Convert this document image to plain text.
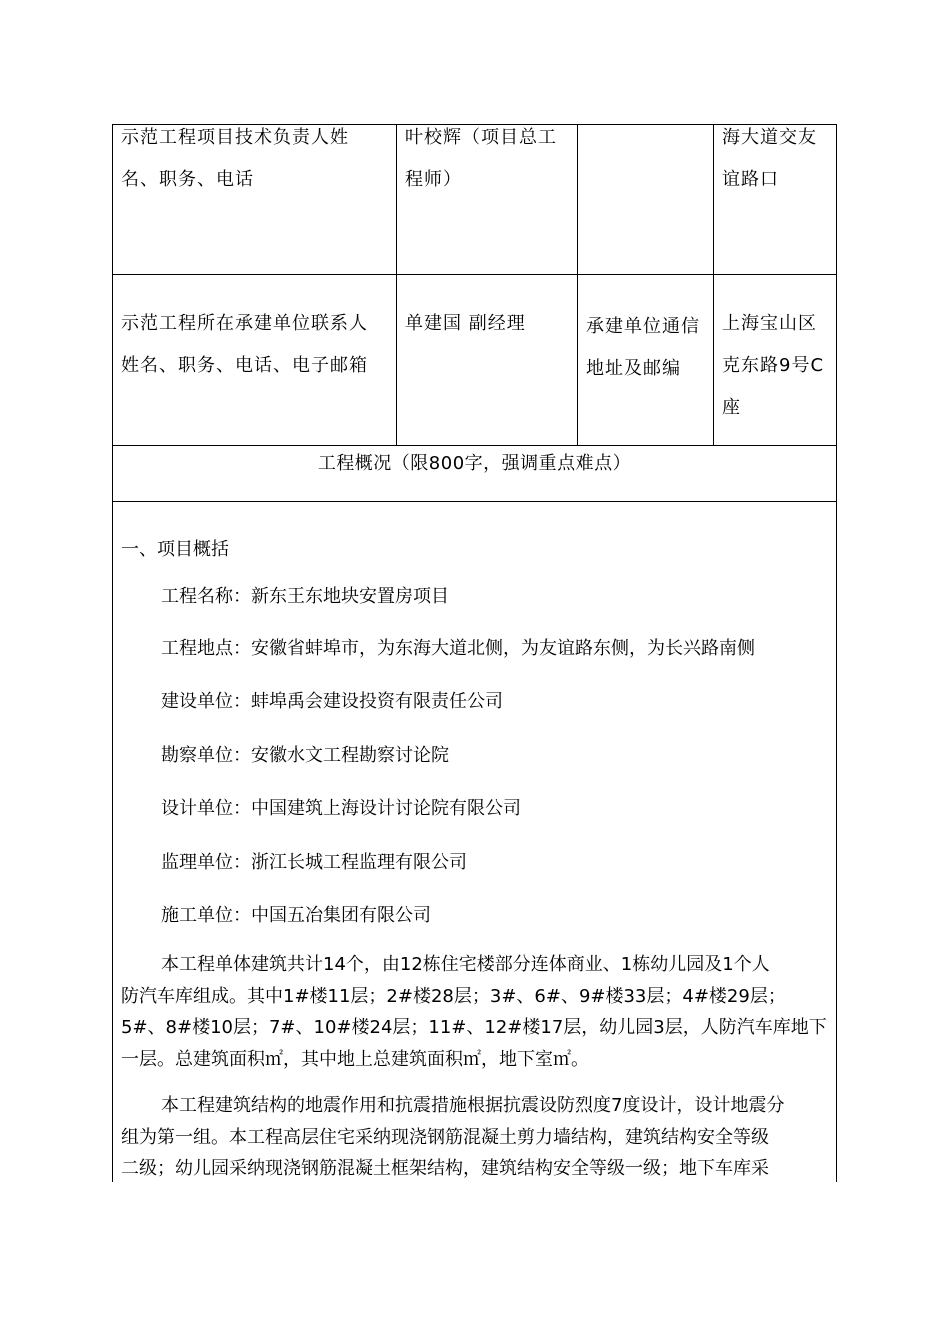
示范工程项目技术负责人姓
名、职务、电话
叶校辉（项目总工
程师）
海大道交友
谊路口
示范工程所在承建单位联系人
姓名、职务、电话、电子邮箱
单建国 副经理	承建单位通信
地址及邮编
上海宝山区
克东路9号C
座
工程概况（限800字，强调重点难点）
一、项目概括
工程名称：新东王东地块安置房项目
工程地点：安徽省蚌埠市，为东海大道北侧，为友谊路东侧，为长兴路南侧
建设单位：蚌埠禹会建设投资有限责任公司
勘察单位：安徽水文工程勘察讨论院
设计单位：中国建筑上海设计讨论院有限公司
监理单位：浙江长城工程监理有限公司
施工单位：中国五冶集团有限公司
本工程单体建筑共计14个，由12栋住宅楼部分连体商业、1栋幼儿园及1个人
防汽车库组成。其中1#楼11层；2#楼28层；3#、6#、9#楼33层；4#楼29层；
5#、8#楼10层；7#、10#楼24层；11#、12#楼17层，幼儿园3层，人防汽车库地下
一层。总建筑面积㎡，其中地上总建筑面积㎡，地下室㎡。
本工程建筑结构的地震作用和抗震措施根据抗震设防烈度7度设计，设计地震分
组为第一组。本工程高层住宅采纳现浇钢筋混凝土剪力墙结构，建筑结构安全等级
二级；幼儿园采纳现浇钢筋混凝土框架结构，建筑结构安全等级一级；地下车库采
